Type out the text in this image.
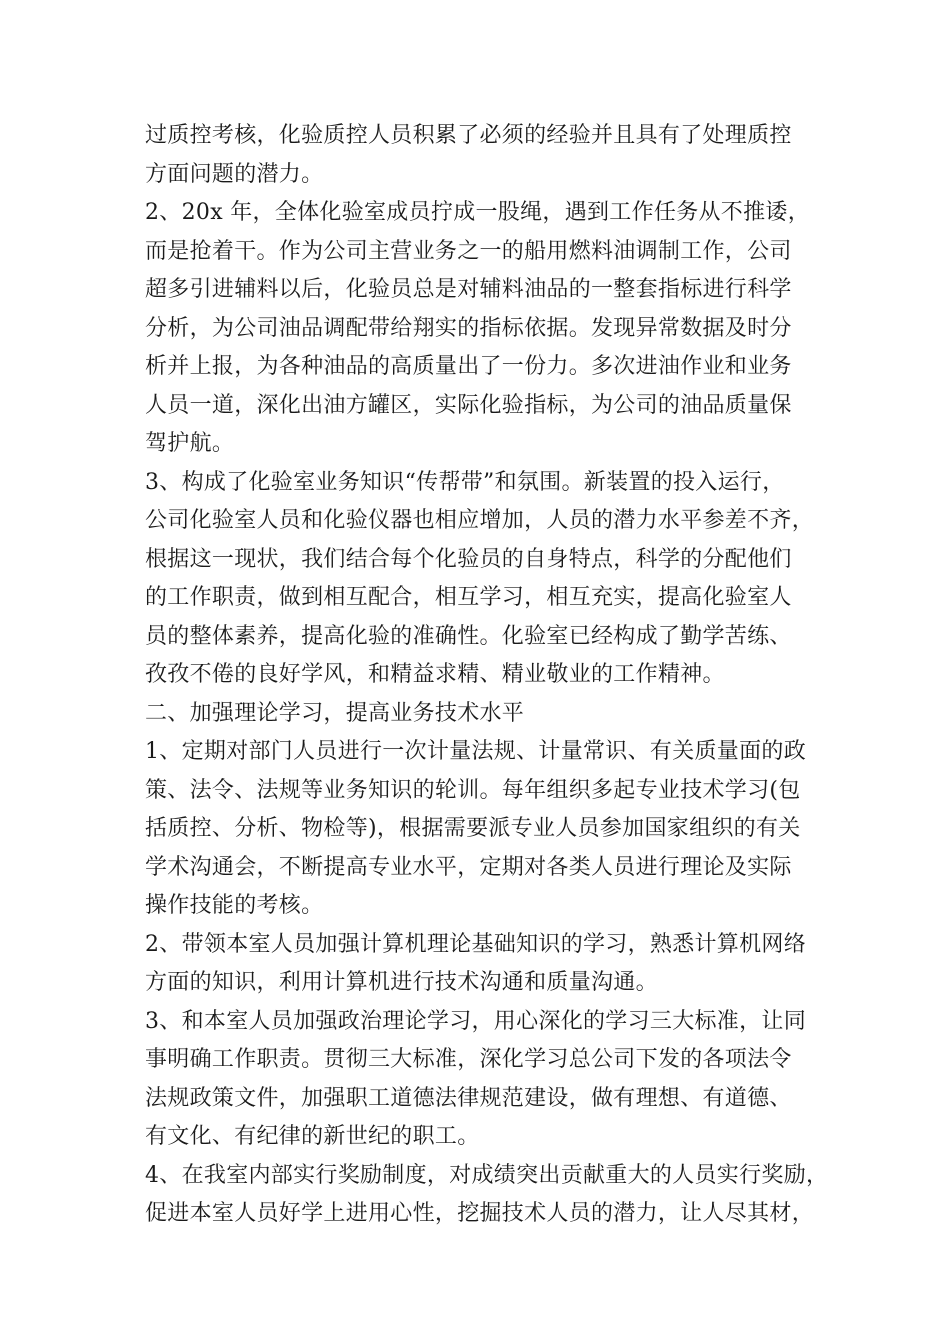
过质控考核，化验质控人员积累了必须的经验并且具有了处理质控
方面问题的潜力。
2、20x 年，全体化验室成员拧成一股绳，遇到工作任务从不推诿，
而是抢着干。作为公司主营业务之一的船用燃料油调制工作，公司
超多引进辅料以后，化验员总是对辅料油品的一整套指标进行科学
分析，为公司油品调配带给翔实的指标依据。发现异常数据及时分
析并上报，为各种油品的高质量出了一份力。多次进油作业和业务
人员一道，深化出油方罐区，实际化验指标，为公司的油品质量保
驾护航。
3、构成了化验室业务知识“传帮带”和氛围。新装置的投入运行，
公司化验室人员和化验仪器也相应增加，人员的潜力水平参差不齐，
根据这一现状，我们结合每个化验员的自身特点，科学的分配他们
的工作职责，做到相互配合，相互学习，相互充实，提高化验室人
员的整体素养，提高化验的准确性。化验室已经构成了勤学苦练、
孜孜不倦的良好学风，和精益求精、精业敬业的工作精神。
二、加强理论学习，提高业务技术水平
1、定期对部门人员进行一次计量法规、计量常识、有关质量面的政
策、法令、法规等业务知识的轮训。每年组织多起专业技术学习(包
括质控、分析、物检等)，根据需要派专业人员参加国家组织的有关
学术沟通会，不断提高专业水平，定期对各类人员进行理论及实际
操作技能的考核。
2、带领本室人员加强计算机理论基础知识的学习，熟悉计算机网络
方面的知识，利用计算机进行技术沟通和质量沟通。
3、和本室人员加强政治理论学习，用心深化的学习三大标准，让同
事明确工作职责。贯彻三大标准，深化学习总公司下发的各项法令
法规政策文件，加强职工道德法律规范建设，做有理想、有道德、
有文化、有纪律的新世纪的职工。
4、在我室内部实行奖励制度，对成绩突出贡献重大的人员实行奖励，
促进本室人员好学上进用心性，挖掘技术人员的潜力，让人尽其材，
